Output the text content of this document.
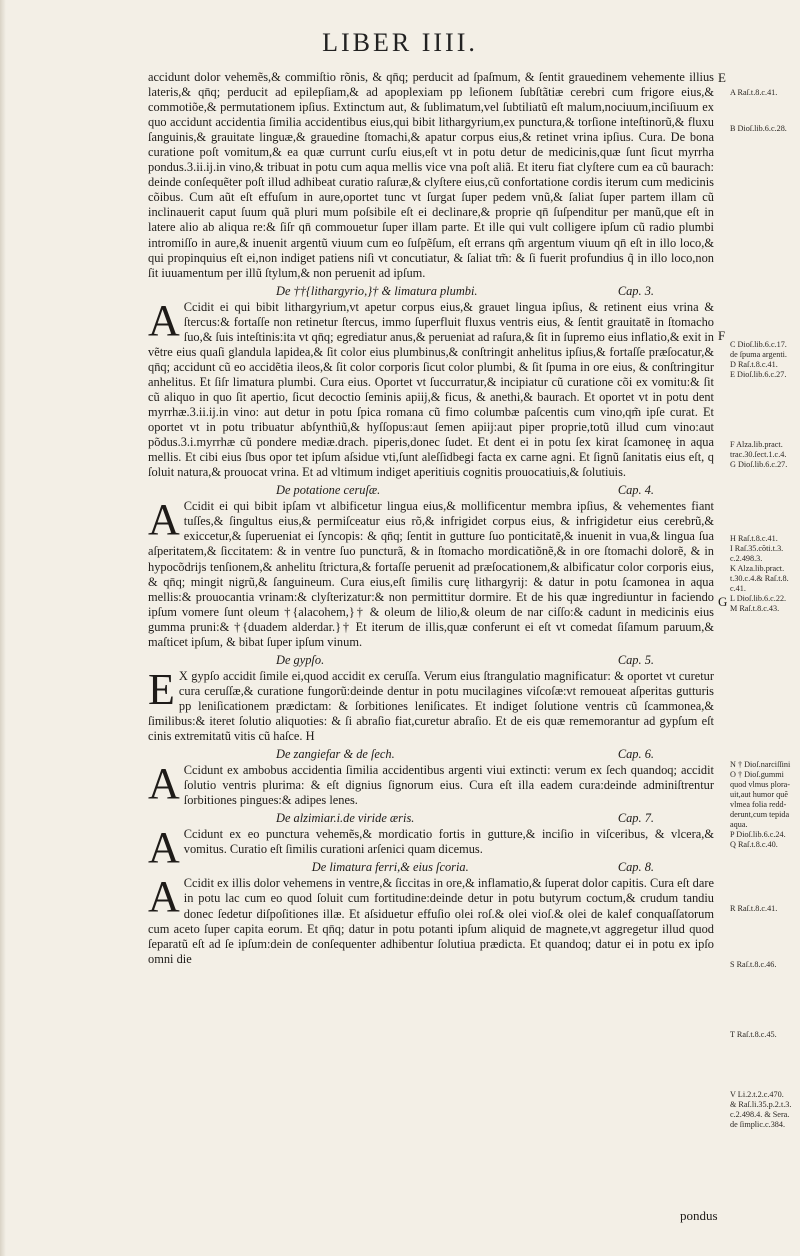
LIBER IIII.

accidunt dolor vehemẽs,& commiſtio rõnis, & qn̄q; perducit ad ſpaſmum, & ſentit grauedinem vehemente illius lateris,& qn̄q; perducit ad epilepſiam,& ad apoplexiam pp leſionem ſubſtãtiæ cerebri cum frigore eius,& commotiõe,& permutationem ipſius. Extinctum aut, & ſublimatum,vel ſubtiliatũ eſt malum,nociuum,inciſiuum ex quo accidunt accidentia ſimilia accidentibus eius,qui bibit lithargyrium,ex punctura,& torſione inteſtinorũ,& fluxu ſanguinis,& grauitate linguæ,& grauedine ſtomachi,& apatur corpus eius,& retinet vrina ipſius. Cura. De bona curatione poſt vomitum,& ea quæ currunt curſu eius,eſt vt in potu detur de medicinis,quæ ſunt ſicut myrrha pondus.3.ii.ĳ.in vino,& tribuat in potu cum aqua mellis vice vna poſt aliã. Et iteru fiat clyſtere cum ea cũ baurach: deinde conſequẽter poſt illud adhibeat curatio raſuræ,& clyſtere eius,cũ confortatione cordis iterum cum medicinis cõibus. Cum aũt eſt effuſum in aure,oportet tunc vt ſurgat ſuper pedem vnũ,& ſaliat ſuper partem illam cũ inclinauerit caput ſuum quã pluri mum poſsibile eſt ei declinare,& proprie qn̄ ſuſpenditur per manũ,que eſt in latere alio ab aliqua re:& ſiſr qn̄ commouetur ſuper illam parte. Et ille qui vult colligere ipſum cũ radio plumbi intromiſſo in aure,& inuenit argentũ viuum cum eo ſuſpẽſum, eſt errans qm̃ argentum viuum qn̄ eſt in illo loco,& qui propinquius eſt ei,non indiget patiens niſi vt concutiatur, & ſaliat tm̃: & ſi fuerit profundius q̃ in illo loco,non ſit iuuamentum per illũ ſtylum,& non peruenit ad ipſum.

De ††{lithargyrio,}† & limatura plumbi.	Cap. 3.

A Ccidit ei qui bibit lithargyrium,vt apetur corpus eius,& grauet lingua ipſius, & retinent eius vrina & ſtercus:& fortaſſe non retinetur ſtercus, immo ſuperfluit fluxus ventris eius, & ſentit grauitatẽ in ſtomacho ſuo,& ſuis inteſtinis:ita vt qn̄q; egrediatur anus,& perueniat ad raſura,& ſit in ſupremo eius inflatio,& exit in vẽtre eius quaſi glandula lapidea,& ſit color eius plumbinus,& conſtringit anhelitus ipſius,& fortaſſe præſocatur,& qn̄q; accidunt cũ eo accidẽtia ileos,& ſit color corporis ſicut color plumbi, & ſit ſpuma in ore eius, & conſtringitur anhelitus. Et ſiſr limatura plumbi. Cura eius. Oportet vt ſuccurratur,& incipiatur cũ curatione cõi ex vomitu:& ſit cũ aliquo in quo ſit apertio, ſicut decoctio ſeminis apiĳ,& ficus, & anethi,& baurach. Et oportet vt in potu dent myrrhæ.3.ii.ĳ.in vino: aut detur in potu ſpica romana cũ fimo columbæ paſcentis cum vino,qm̃ ipſe curat. Et oportet vt in potu tribuatur abſynthiũ,& hyſſopus:aut ſemen apiĳ:aut piper proprie,totũ illud cum vino:aut põdus.3.i.myrrhæ cũ pondere mediæ.drach. piperis,donec ſudet. Et dent ei in potu ſex kirat ſcamoneę in aqua mellis. Et cibi eius ſbus opor tet ipſum aſsidue vti,ſunt aleſſidbegi facta ex carne agni. Et ſignũ ſanitatis eius eſt, q ſoluit natura,& prouocat vrina. Et ad vltimum indiget aperitiuis cognitis prouocatiuis,& ſolutiuis.

De potatione ceruſæ.	Cap. 4.

A Ccidit ei qui bibit ipſam vt albificetur lingua eius,& mollificentur membra ipſius, & vehementes fiant tuſſes,& ſingultus eius,& permiſceatur eius rõ,& infrigidet corpus eius, & infrigidetur eius cerebrũ,& exiccetur,& ſuperueniat ei ſyncopis: & qn̄q; ſentit in gutture ſuo ponticitatẽ,& inuenit in vua,& lingua ſua aſperitatem,& ſiccitatem: & in ventre ſuo puncturã, & in ſtomacho mordicatiõnẽ,& in ore ſtomachi dolorẽ, & in hypocõdrĳs tenſionem,& anhelitu ſtrictura,& fortaſſe peruenit ad præſocationem,& albificatur color corporis eius, & qn̄q; mingit nigrũ,& ſanguineum. Cura eius,eſt ſimilis curę lithargyrĳ: & datur in potu ſcamonea in aqua mellis:& prouocantia vrinam:& clyſterizatur:& non permittitur dormire. Et de his quæ ingrediuntur in faciendo ipſum vomere ſunt oleum †{alacohem,}† & oleum de lilio,& oleum de nar ciſſo:& cadunt in medicinis eius gumma pruni:& †{duadem alderdar.}† Et iterum de illis,quæ conferunt ei eſt vt comedat ſiſamum paruum,& maſticet ipſum, & bibat ſuper ipſum vinum.

De gypſo.	Cap. 5.

E X gypſo accidit ſimile ei,quod accidit ex ceruſſa. Verum eius ſtrangulatio magnificatur: & oportet vt curetur cura ceruſſæ,& curatione fungorũ:deinde dentur in potu mucilagines viſcoſæ:vt remoueat aſperitas gutturis pp leniſicationem prædictam: & ſorbitiones leniſicates. Et indiget ſolutione ventris cũ ſcammonea,& ſimilibus:& iteret ſolutio aliquoties: & ſi abraſio fiat,curetur abraſio. Et de eis quæ rememorantur ad gypſum eſt cinis extremitatũ vitis cũ haſce. H

De zangiefar & de ſech.	Cap. 6.

A Ccidunt ex ambobus accidentia ſimilia accidentibus argenti viui extincti: verum ex ſech quandoq; accidit ſolutio ventris plurima: & eſt dignius ſignorum eius. Cura eſt illa eadem cura:deinde adminiſtrentur ſorbitiones pingues:& adipes lenes.

De alzimiar.i.de viride æris.	Cap. 7.

A Ccidunt ex eo punctura vehemẽs,& mordicatio fortis in gutture,& inciſio in viſceribus, & vlcera,& vomitus. Curatio eſt ſimilis curationi arſenici quam dicemus.

De limatura ferri,& eius ſcoria.	Cap. 8.

A Ccidit ex illis dolor vehemens in ventre,& ſiccitas in ore,& inflamatio,& ſuperat dolor capitis. Cura eſt dare in potu lac cum eo quod ſoluit cum fortitudine:deinde detur in potu butyrum coctum,& crudum tandiu donec ſedetur diſpoſitiones illæ. Et aſsiduetur effuſio olei roſ.& olei vioſ.& olei de kalef conquaſſatorum cum aceto ſuper capita eorum. Et qn̄q; datur in potu potanti ipſum aliquid de magnete,vt aggregetur illud quod ſeparatũ eſt ad ſe ipſum:dein de conſequenter adhibentur ſolutiua prædicta. Et quandoq; datur ei in potu ex ipſo omni die

A Raſ.t.8.c.41.
B Dioſ.lib.6.c.28.
C Dioſ.lib.6.c.17.
de ſpuma argenti.
D Raſ.t.8.c.41.
E Dioſ.lib.6.c.27.
F Alza.lib.pract.
trac.30.ſect.1.c.4.
G Dioſ.lib.6.c.27.
H Raſ.t.8.c.41.
I Raſ.35.cõti.t.3.
c.2.498.3.
K Alza.lib.pract.
t.30.c.4.& Raſ.t.8.
c.41.
L Dioſ.lib.6.c.22.
M Raſ.t.8.c.43.
N † Dioſ.narciſſini
O † Dioſ.gummi
quod vlmus plora-
uit,aut humor quẽ
vlmea folia redd-
derunt,cum tepida
aqua.
P Dioſ.lib.6.c.24.
Q Raſ.t.8.c.40.
R Raſ.t.8.c.41.
S Raſ.t.8.c.46.
T Raſ.t.8.c.45.
V Li.2.t.2.c.470.
& Raſ.li.35.p.2.t.3.
c.2.498.4. & Sera.
de ſimplic.c.384.
E
F
G
pondus
